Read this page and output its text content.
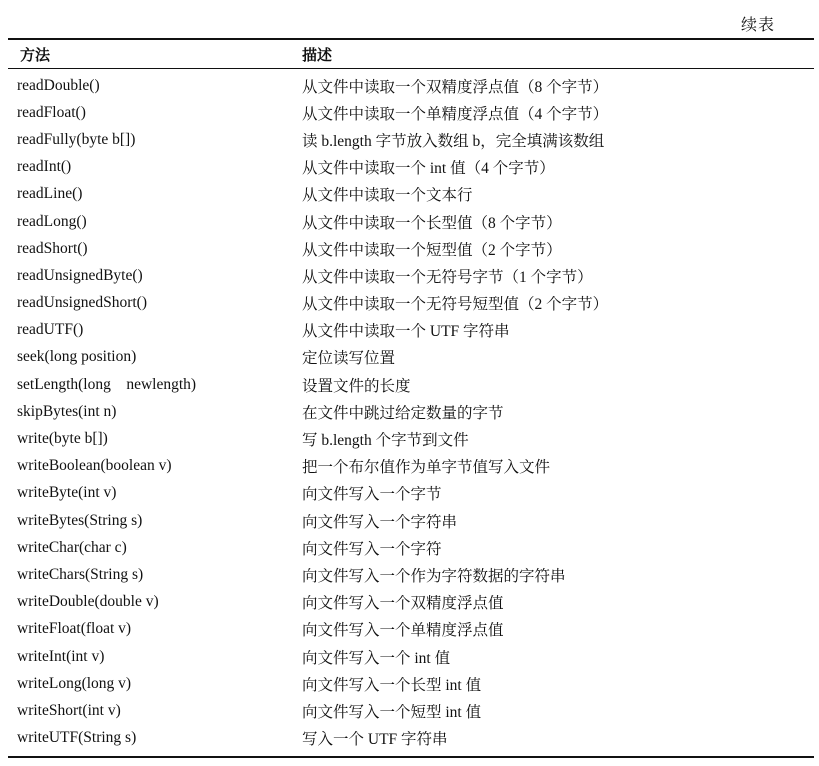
续表
方法	描述
readDouble()	从文件中读取一个双精度浮点值（8 个字节）
readFloat()	从文件中读取一个单精度浮点值（4 个字节）
readFully(byte b[])	读 b.length 字节放入数组 b，完全填满该数组
readInt()	从文件中读取一个 int 值（4 个字节）
readLine()	从文件中读取一个文本行
readLong()	从文件中读取一个长型值（8 个字节）
readShort()	从文件中读取一个短型值（2 个字节）
readUnsignedByte()	从文件中读取一个无符号字节（1 个字节）
readUnsignedShort()	从文件中读取一个无符号短型值（2 个字节）
readUTF()	从文件中读取一个 UTF 字符串
seek(long position)	定位读写位置
setLength(long    newlength)	设置文件的长度
skipBytes(int n)	在文件中跳过给定数量的字节
write(byte b[])	写 b.length 个字节到文件
writeBoolean(boolean v)	把一个布尔值作为单字节值写入文件
writeByte(int v)	向文件写入一个字节
writeBytes(String s)	向文件写入一个字符串
writeChar(char c)	向文件写入一个字符
writeChars(String s)	向文件写入一个作为字符数据的字符串
writeDouble(double v)	向文件写入一个双精度浮点值
writeFloat(float v)	向文件写入一个单精度浮点值
writeInt(int v)	向文件写入一个 int 值
writeLong(long v)	向文件写入一个长型 int 值
writeShort(int v)	向文件写入一个短型 int 值
writeUTF(String s)	写入一个 UTF 字符串
